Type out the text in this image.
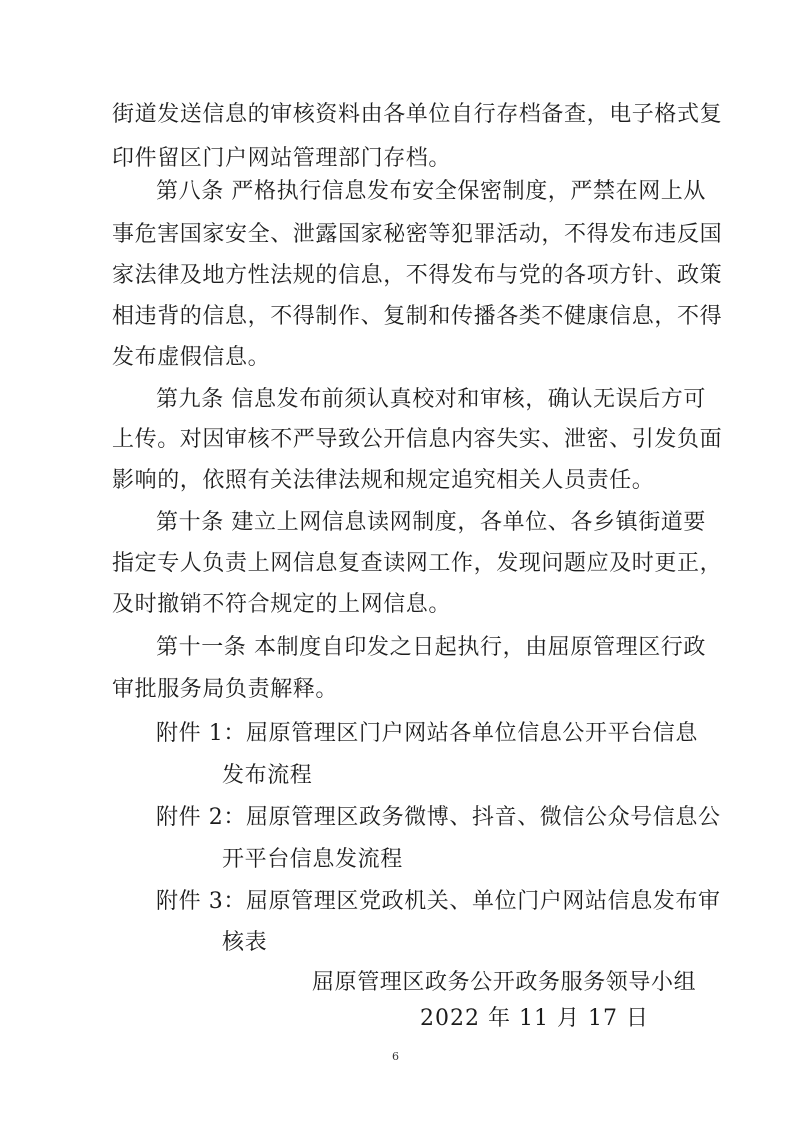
街道发送信息的审核资料由各单位自行存档备查，电子格式复
印件留区门户网站管理部门存档。
第八条 严格执行信息发布安全保密制度，严禁在网上从
事危害国家安全、泄露国家秘密等犯罪活动，不得发布违反国
家法律及地方性法规的信息，不得发布与党的各项方针、政策
相违背的信息，不得制作、复制和传播各类不健康信息，不得
发布虚假信息。
第九条 信息发布前须认真校对和审核，确认无误后方可
上传。对因审核不严导致公开信息内容失实、泄密、引发负面
影响的，依照有关法律法规和规定追究相关人员责任。
第十条 建立上网信息读网制度，各单位、各乡镇街道要
指定专人负责上网信息复查读网工作，发现问题应及时更正，
及时撤销不符合规定的上网信息。
第十一条 本制度自印发之日起执行，由屈原管理区行政
审批服务局负责解释。
附件 1：屈原管理区门户网站各单位信息公开平台信息
发布流程
附件 2：屈原管理区政务微博、抖音、微信公众号信息公
开平台信息发流程
附件 3：屈原管理区党政机关、单位门户网站信息发布审
核表
屈原管理区政务公开政务服务领导小组
2022 年 11 月 17 日
6
